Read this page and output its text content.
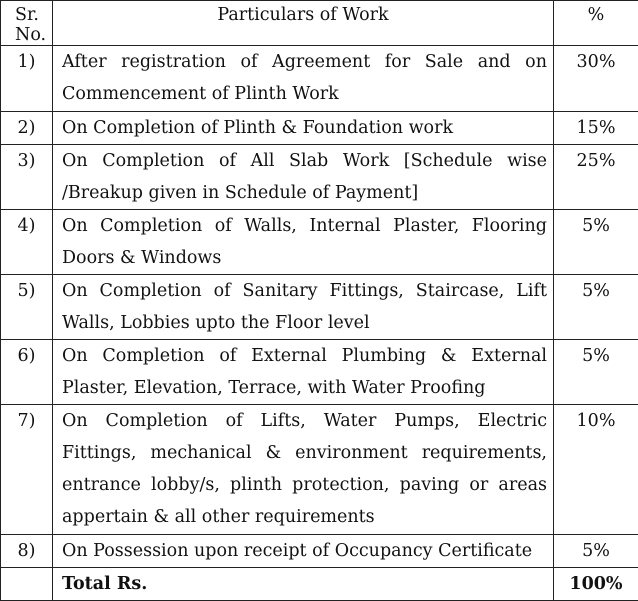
Sr.
No.	Particulars of Work	%
1)	After registration of Agreement for Sale and on Commencement of Plinth Work	30%
2)	On Completion of Plinth & Foundation work	15%
3)	On Completion of All Slab Work [Schedule wise /Breakup given in Schedule of Payment]	25%
4)	On Completion of Walls, Internal Plaster, Flooring Doors & Windows	5%
5)	On Completion of Sanitary Fittings, Staircase, Lift Walls, Lobbies upto the Floor level	5%
6)	On Completion of External Plumbing & External Plaster, Elevation, Terrace, with Water Proofing	5%
7)	On Completion of Lifts, Water Pumps, Electric Fittings, mechanical & environment requirements, entrance lobby/s, plinth protection, paving or areas appertain & all other requirements	10%
8)	On Possession upon receipt of Occupancy Certificate	5%
	Total Rs.	100%
